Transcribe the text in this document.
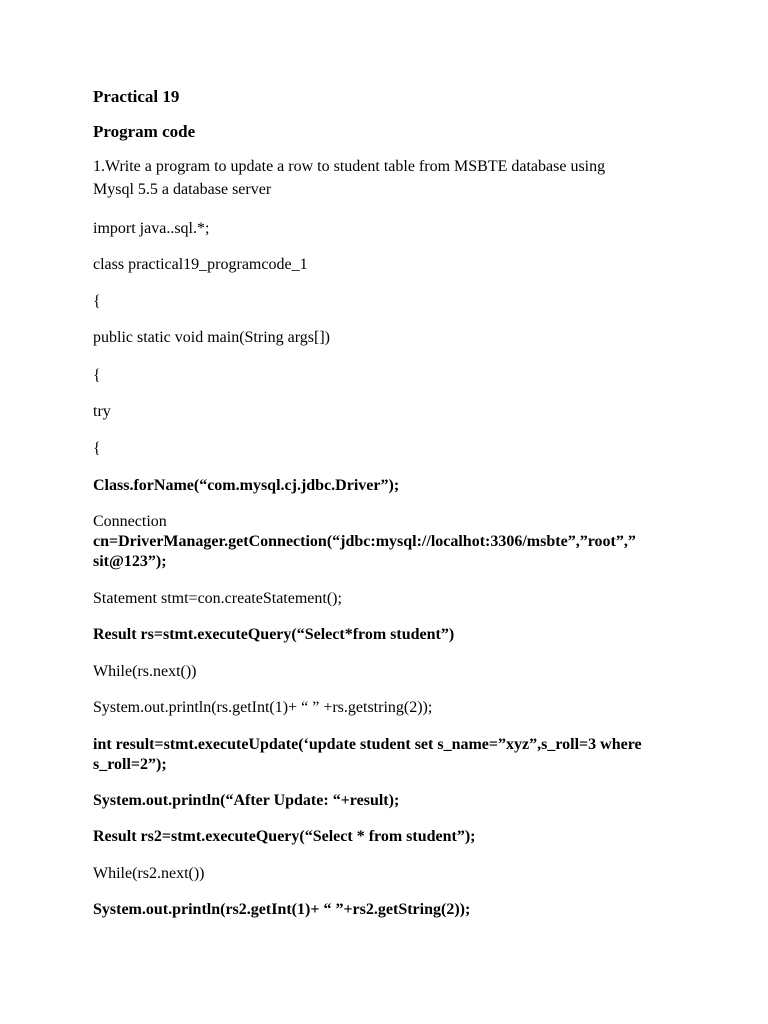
Practical 19
Program code
1.Write a program to update a row to student table from MSBTE database using
Mysql 5.5 a database server
import java..sql.*;
class practical19_programcode_1
{
public static void main(String args[])
{
try
{
Class.forName(“com.mysql.cj.jdbc.Driver”);
Connection
cn=DriverManager.getConnection(“jdbc:mysql://localhot:3306/msbte”,”root”,”
sit@123”);
Statement stmt=con.createStatement();
Result rs=stmt.executeQuery(“Select*from student”)
While(rs.next())
System.out.println(rs.getInt(1)+ “ ” +rs.getstring(2));
int result=stmt.executeUpdate(‘update student set s_name=”xyz”,s_roll=3 where
s_roll=2”);
System.out.println(“After Update: “+result);
Result rs2=stmt.executeQuery(“Select * from student”);
While(rs2.next())
System.out.println(rs2.getInt(1)+ “ ”+rs2.getString(2));
